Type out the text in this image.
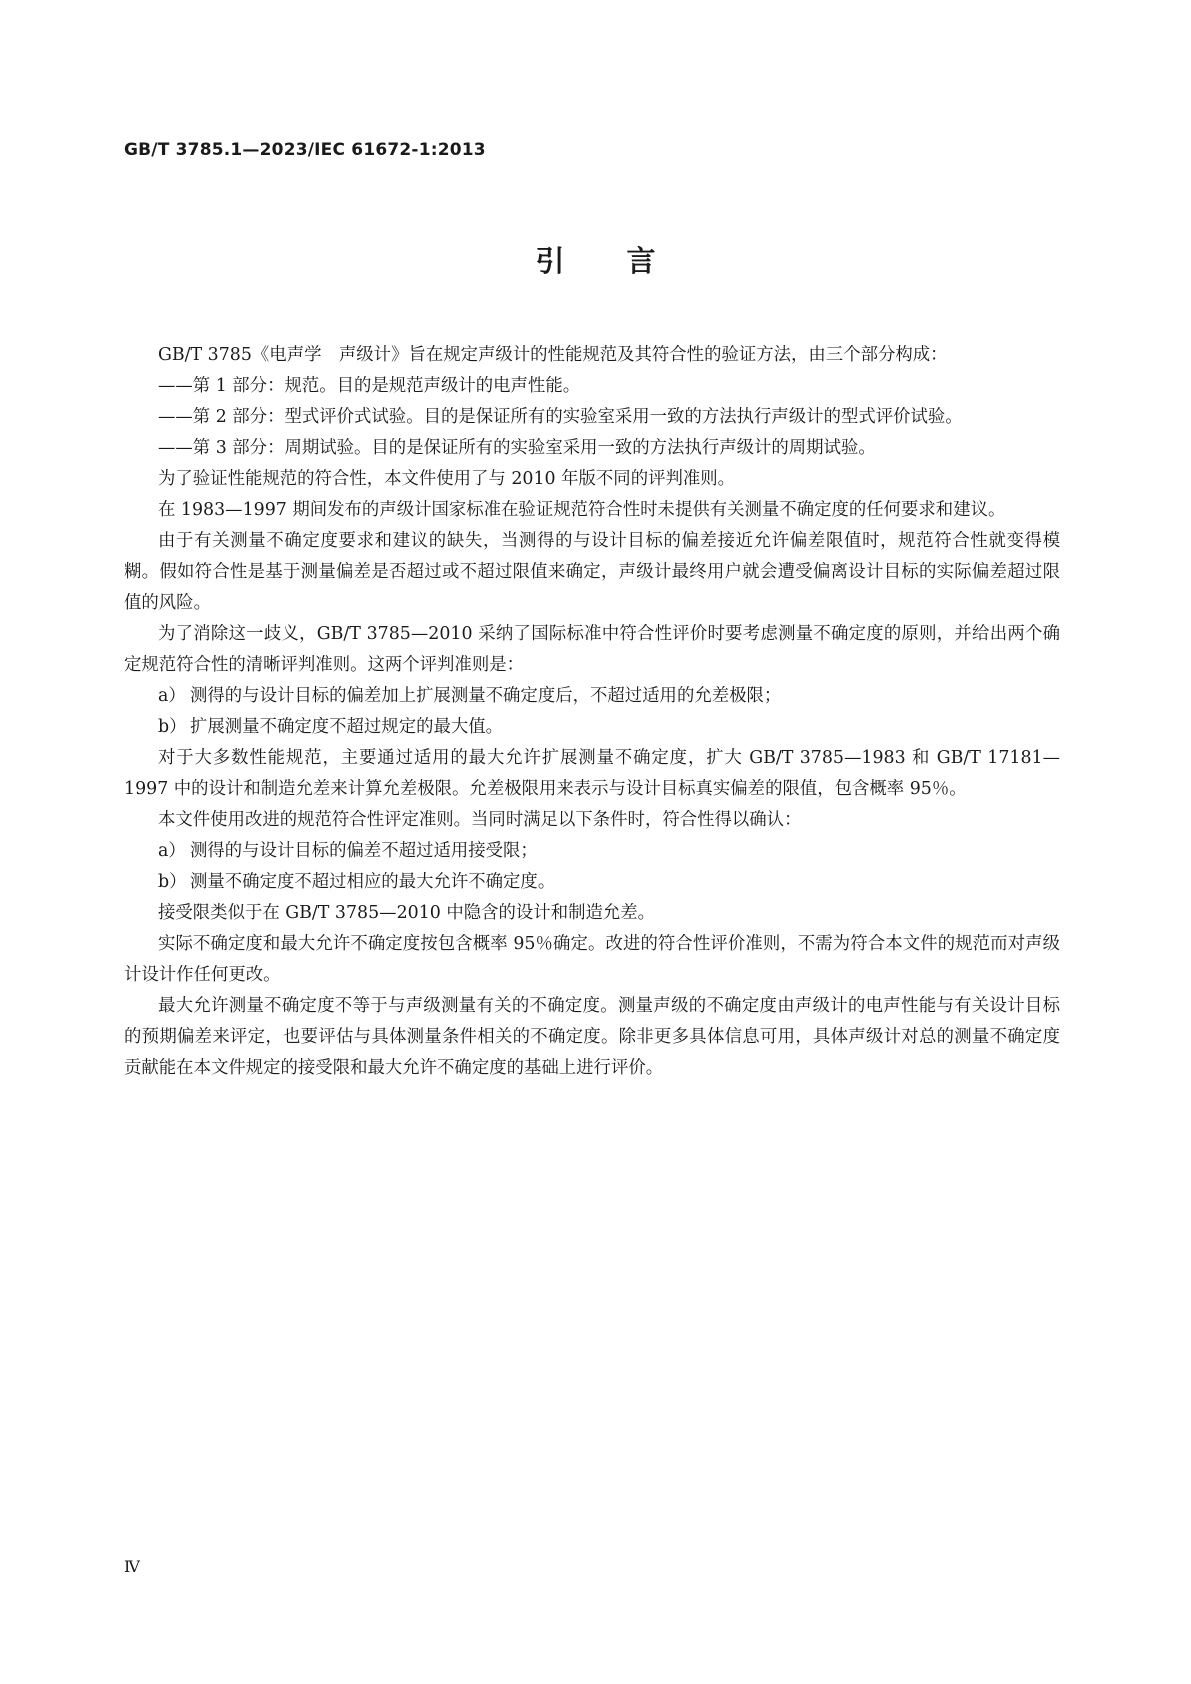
GB/T 3785.1—2023/IEC 61672-1:2013
引言

GB/T 3785《电声学　声级计》旨在规定声级计的性能规范及其符合性的验证方法，由三个部分构成：

——第 1 部分：规范。目的是规范声级计的电声性能。

——第 2 部分：型式评价式试验。目的是保证所有的实验室采用一致的方法执行声级计的型式评价试验。

——第 3 部分：周期试验。目的是保证所有的实验室采用一致的方法执行声级计的周期试验。

为了验证性能规范的符合性，本文件使用了与 2010 年版不同的评判准则。

在 1983—1997 期间发布的声级计国家标准在验证规范符合性时未提供有关测量不确定度的任何要求和建议。

由于有关测量不确定度要求和建议的缺失，当测得的与设计目标的偏差接近允许偏差限值时，规范符合性就变得模糊。假如符合性是基于测量偏差是否超过或不超过限值来确定，声级计最终用户就会遭受偏离设计目标的实际偏差超过限值的风险。

为了消除这一歧义，GB/T 3785—2010 采纳了国际标准中符合性评价时要考虑测量不确定度的原则，并给出两个确定规范符合性的清晰评判准则。这两个评判准则是：

a） 测得的与设计目标的偏差加上扩展测量不确定度后，不超过适用的允差极限；

b） 扩展测量不确定度不超过规定的最大值。

对于大多数性能规范，主要通过适用的最大允许扩展测量不确定度，扩大 GB/T 3785—1983 和 GB/T 17181—1997 中的设计和制造允差来计算允差极限。允差极限用来表示与设计目标真实偏差的限值，包含概率 95％。

本文件使用改进的规范符合性评定准则。当同时满足以下条件时，符合性得以确认：

a） 测得的与设计目标的偏差不超过适用接受限；

b） 测量不确定度不超过相应的最大允许不确定度。

接受限类似于在 GB/T 3785—2010 中隐含的设计和制造允差。

实际不确定度和最大允许不确定度按包含概率 95％确定。改进的符合性评价准则，不需为符合本文件的规范而对声级计设计作任何更改。

最大允许测量不确定度不等于与声级测量有关的不确定度。测量声级的不确定度由声级计的电声性能与有关设计目标的预期偏差来评定，也要评估与具体测量条件相关的不确定度。除非更多具体信息可用，具体声级计对总的测量不确定度贡献能在本文件规定的接受限和最大允许不确定度的基础上进行评价。

Ⅳ
